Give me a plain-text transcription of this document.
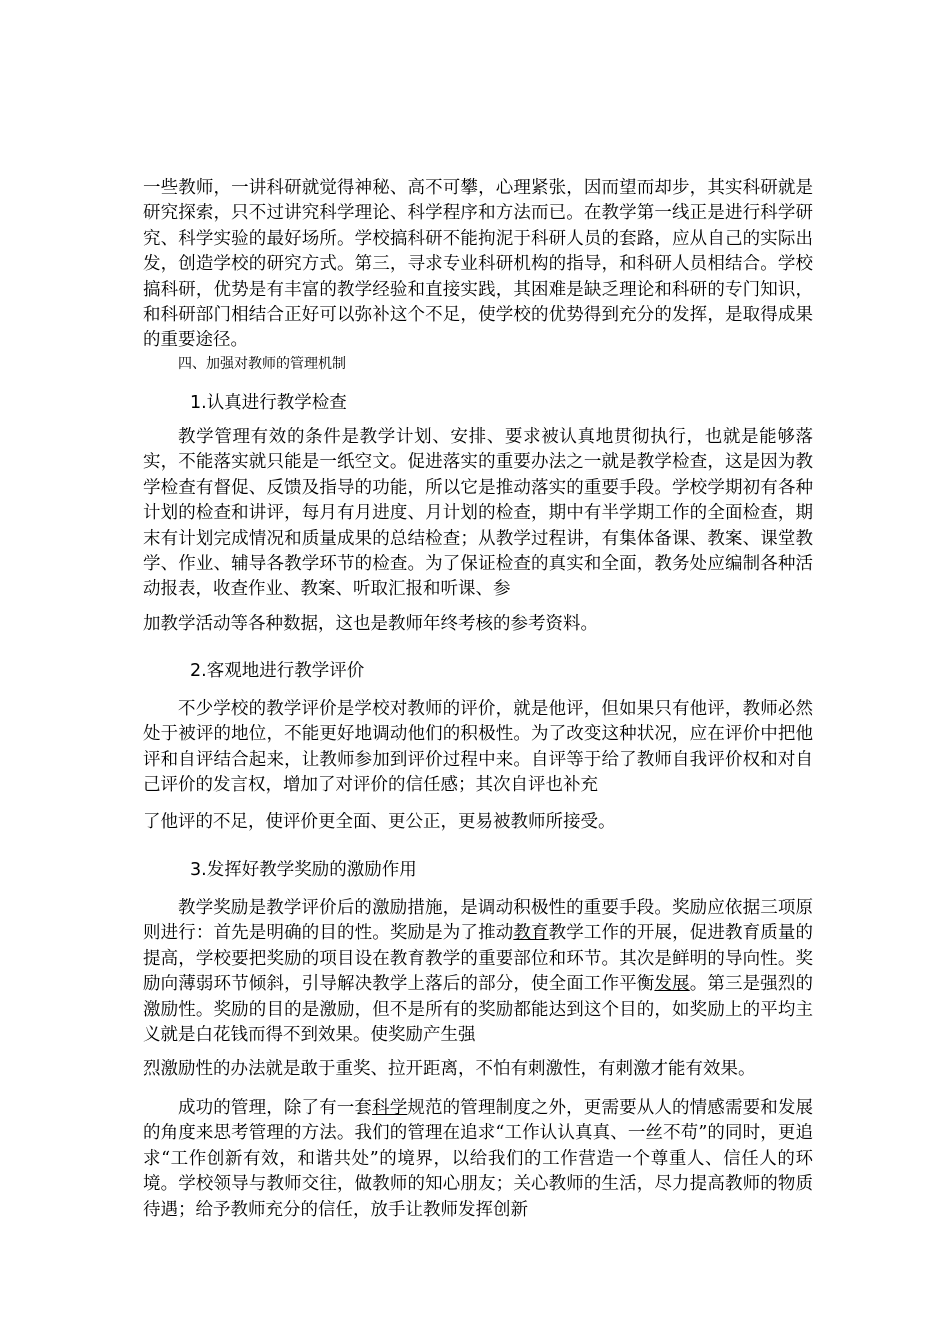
一些教师，一讲科研就觉得神秘、高不可攀，心理紧张，因而望而却步，其实科研就是研究探索，只不过讲究科学理论、科学程序和方法而已。在教学第一线正是进行科学研究、科学实验的最好场所。学校搞科研不能拘泥于科研人员的套路，应从自己的实际出发，创造学校的研究方式。第三，寻求专业科研机构的指导，和科研人员相结合。学校搞科研，优势是有丰富的教学经验和直接实践，其困难是缺乏理论和科研的专门知识，和科研部门相结合正好可以弥补这个不足，使学校的优势得到充分的发挥，是取得成果的重要途径。

四、加强对教师的管理机制
1.认真进行教学检查

教学管理有效的条件是教学计划、安排、要求被认真地贯彻执行，也就是能够落实，不能落实就只能是一纸空文。促进落实的重要办法之一就是教学检查，这是因为教学检查有督促、反馈及指导的功能，所以它是推动落实的重要手段。学校学期初有各种计划的检查和讲评，每月有月进度、月计划的检查，期中有半学期工作的全面检查，期末有计划完成情况和质量成果的总结检查；从教学过程讲，有集体备课、教案、课堂教学、作业、辅导各教学环节的检查。为了保证检查的真实和全面，教务处应编制各种活动报表，收查作业、教案、听取汇报和听课、参

加教学活动等各种数据，这也是教师年终考核的参考资料。

2.客观地进行教学评价

不少学校的教学评价是学校对教师的评价，就是他评，但如果只有他评，教师必然处于被评的地位，不能更好地调动他们的积极性。为了改变这种状况，应在评价中把他评和自评结合起来，让教师参加到评价过程中来。自评等于给了教师自我评价权和对自己评价的发言权，增加了对评价的信任感；其次自评也补充

了他评的不足，使评价更全面、更公正，更易被教师所接受。

3.发挥好教学奖励的激励作用

教学奖励是教学评价后的激励措施，是调动积极性的重要手段。奖励应依据三项原则进行：首先是明确的目的性。奖励是为了推动教育教学工作的开展，促进教育质量的提高，学校要把奖励的项目设在教育教学的重要部位和环节。其次是鲜明的导向性。奖励向薄弱环节倾斜，引导解决教学上落后的部分，使全面工作平衡发展。第三是强烈的激励性。奖励的目的是激励，但不是所有的奖励都能达到这个目的，如奖励上的平均主义就是白花钱而得不到效果。使奖励产生强

烈激励性的办法就是敢于重奖、拉开距离，不怕有刺激性，有刺激才能有效果。

成功的管理，除了有一套科学规范的管理制度之外，更需要从人的情感需要和发展的角度来思考管理的方法。我们的管理在追求“工作认认真真、一丝不苟”的同时，更追求“工作创新有效，和谐共处”的境界，以给我们的工作营造一个尊重人、信任人的环境。学校领导与教师交往，做教师的知心朋友；关心教师的生活，尽力提高教师的物质待遇；给予教师充分的信任，放手让教师发挥创新
